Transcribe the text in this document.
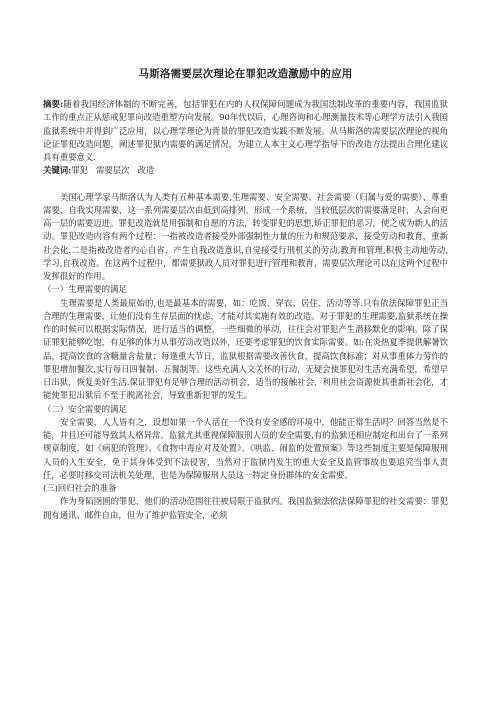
马斯洛需要层次理论在罪犯改造激励中的应用

摘要:随着我国经济体制的不断完善，包括罪犯在内的人权保障问题成为我国法制改革的重要内容，我国监狱工作的重点正从惩戒犯罪向改造重塑方向发展。90年代以后，心理咨询和心理测量技术等心理学方法引入我国监狱系统中并得到广泛应用，以心理学理论为背景的罪犯改造实践不断发展。从马斯洛的需要层次理论的视角论证罪犯改造问题，阐述罪犯狱内需要的满足情况，为建立人本主义心理学指导下的改造方法提出合理化建议具有重要意义.

关键词:罪犯 需要层次 改造

美国心理学家马斯洛认为人类有五种基本需要,生理需要、安全需要、社会需要（归属与爱的需要）、尊重需要、自我实现需要，这一系列需要层次由低到高排列，形成一个系统，当较低层次的需要满足时，人会向更高一层的需要迈进。罪犯改造就是用强制和自愿的方法，转变罪犯的思想,矫正罪犯的恶习，使之成为新人的活动。罪犯改造内容有两个过程：一指被改造者接受外部强制性力量的压力和规范要求，接受劳动和教育，重新社会化.二是指被改造者内心自省，产生自我改造意识,自觉接受行刑机关的劳动,教育和管理,积极主动地劳动,学习,自我改造。在这两个过程中，都需要狱政人员对罪犯进行管理和教育，需要层次理论可以在这两个过程中发挥很好的作用。

（一）生理需要的满足

生理需要是人类最原始的,也是最基本的需要，如：吃饭、穿衣、居住、活动等等.只有依法保障罪犯正当合理的生理需要，让他们没有生存层面的忧虑，才能对其实施有效的改造。对于罪犯的生理需要,监狱系统在操作的时候可以根据实际情况，进行适当的调整，一些细微的举动，往往会对罪犯产生潜移默化的影响。除了保证罪犯能够吃饱，有足够的体力从事劳动改造以外，还要考虑罪犯的饮食实际需要。如:在炎热夏季提供解暑饮品，提高饮食的含糖量含盐量；每逢重大节日，监狱根据需要改善伙食，提高饮食标准；对从事重体力劳作的罪犯增加餐次,实行每日四餐制、五餐制等。这些充满人文关怀的行动，无疑会使罪犯对生活充满希望，希望早日出狱，恢复美好生活.保证罪犯有足够合理的活动机会，适当的接触社会，利用社会资源使其重新社会化，才能使罪犯出狱后不至于脱离社会，导致重新犯罪的发生。

（二）安全需要的满足

安全需要，人人皆有之，设想如果一个人活在一个没有安全感的环境中，他能正常生活吗？回答当然是不能，并且还可能导致其人格异常。监狱尤其重视保障服刑人员的安全需要,有的监狱还相应制定和出台了一系列规章制度，如《病犯的管理》、《食物中毒应对及处置》、《哄监、闹监的处置预案》等这些制度主要是保障服刑人员的人生安全，免于其身体受到不法侵害，当然对于监狱内发生的重大安全及监管事故也要追究当事人责任，必要时移交司法机关处理，也是为保障服刑人员这一特定身份群体的安全需要。

(三)回归社会的准备

作为身陷囹圄的罪犯，他们的活动范围往往被局限于监狱内。我国监狱法依法保障罪犯的社交需要：罪犯拥有通讯、邮件自由，但为了维护监管安全，必须
